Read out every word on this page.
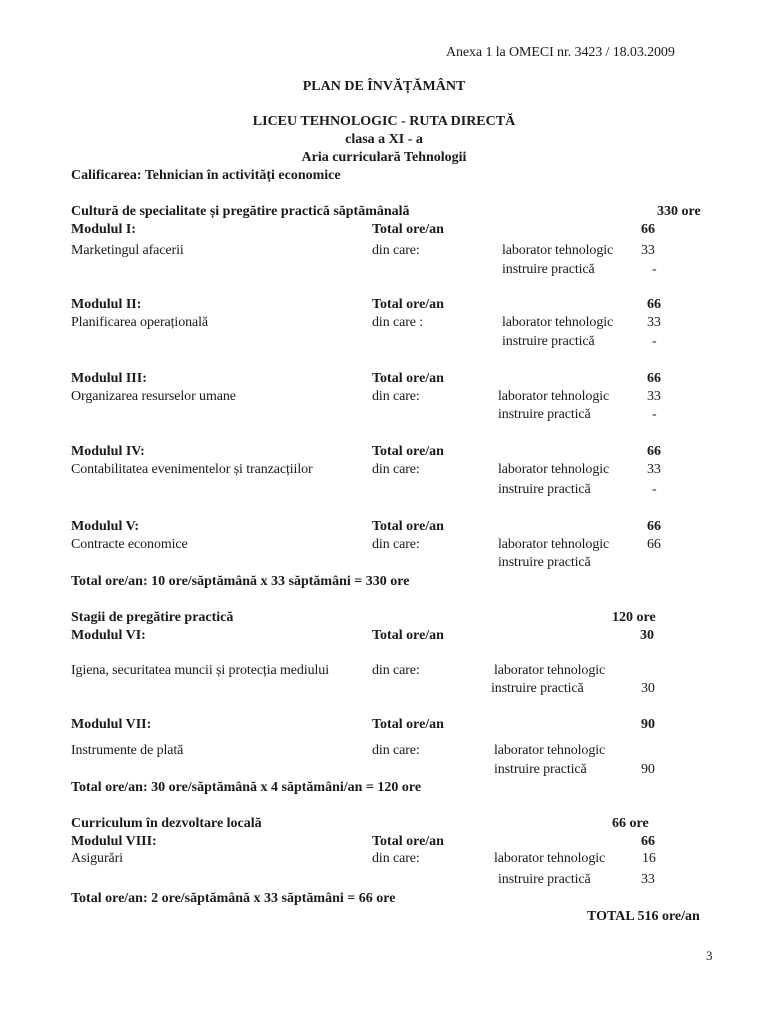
Anexa 1 la OMECI nr. 3423 / 18.03.2009
PLAN DE ÎNVĂȚĂMÂNT
LICEU TEHNOLOGIC - RUTA DIRECTĂ
clasa a XI - a
Aria curriculară Tehnologii
Calificarea: Tehnician în activități economice
Cultură de specialitate și pregătire practică săptămânală	330 ore
Modulul I:	Total ore/an	66
Marketingul afacerii	din care:	laborator tehnologic 33
instruire practică	-
Modulul II:	Total ore/an	66
Planificarea operațională	din care :	laborator tehnologic 33
instruire practică	-
Modulul III:	Total ore/an	66
Organizarea resurselor umane	din care:	laborator tehnologic	33
instruire practică	-
Modulul IV:	Total ore/an	66
Contabilitatea evenimentelor și tranzacțiilor	din care:	laborator tehnologic	33
instruire practică	-
Modulul V:	Total ore/an	66
Contracte economice	din care:	laborator tehnologic	66
instruire practică
Total ore/an: 10 ore/săptămână x 33 săptămâni = 330 ore
Stagii de pregătire practică	120 ore
Modulul VI:	Total ore/an	30
Igiena, securitatea muncii și protecția mediului	din care:	laborator tehnologic
instruire practică	30
Modulul VII:	Total ore/an	90
Instrumente de plată	din care:	laborator tehnologic
instruire practică	90
Total ore/an: 30 ore/săptămână x 4 săptămâni/an = 120 ore
Curriculum în dezvoltare locală	66 ore
Modulul VIII:	Total ore/an	66
Asigurări	din care:	laborator tehnologic	16
instruire practică	33
Total ore/an: 2 ore/săptămână x 33 săptămâni = 66 ore
TOTAL 516 ore/an
3
